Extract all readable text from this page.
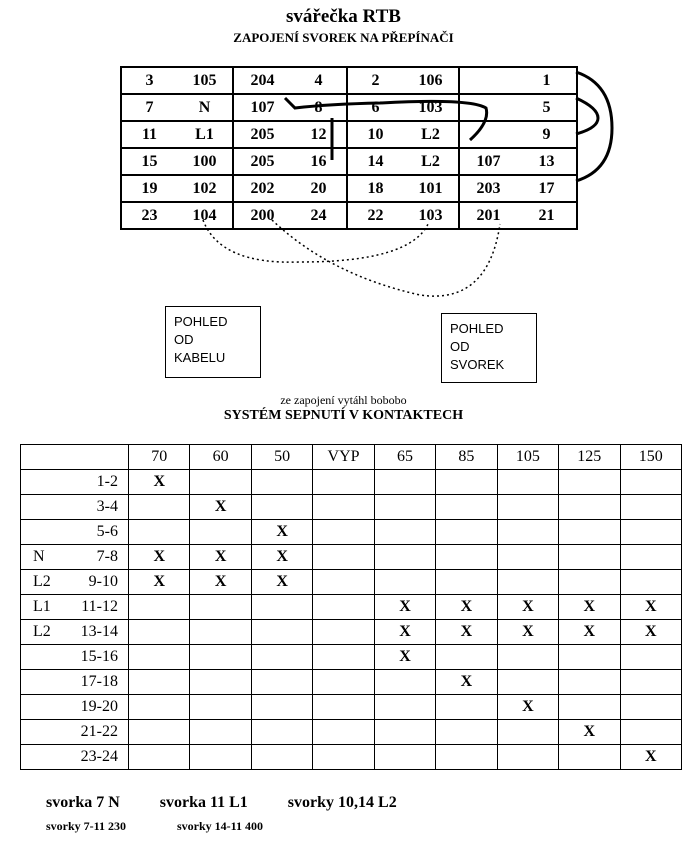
svářečka RTB
ZAPOJENÍ SVOREK NA PŘEPÍNAČI
3	105	204	4	2	106		1
7	N	107	8	6	103		5
11	L1	205	12	10	L2		9
15	100	205	16	14	L2	107	13
19	102	202	20	18	101	203	17
23	104	200	24	22	103	201	21
POHLED
OD
KABELU
POHLED
OD
SVOREK
ze zapojení vytáhl bobobo
SYSTÉM SEPNUTÍ V KONTAKTECH
	70	60	50	VYP	65	85	105	125	150

1-2	X								

3-4		X							

5-6			X						

N 7-8	X	X	X						

L2 9-10	X	X	X						

L1 11-12					X	X	X	X	X

L2 13-14					X	X	X	X	X

15-16					X				

17-18						X			

19-20							X		

21-22								X	

23-24									X
svorka 7 N	svorka 11 L1	svorky 10,14 L2
svorky 7-11 230	svorky 14-11 400
